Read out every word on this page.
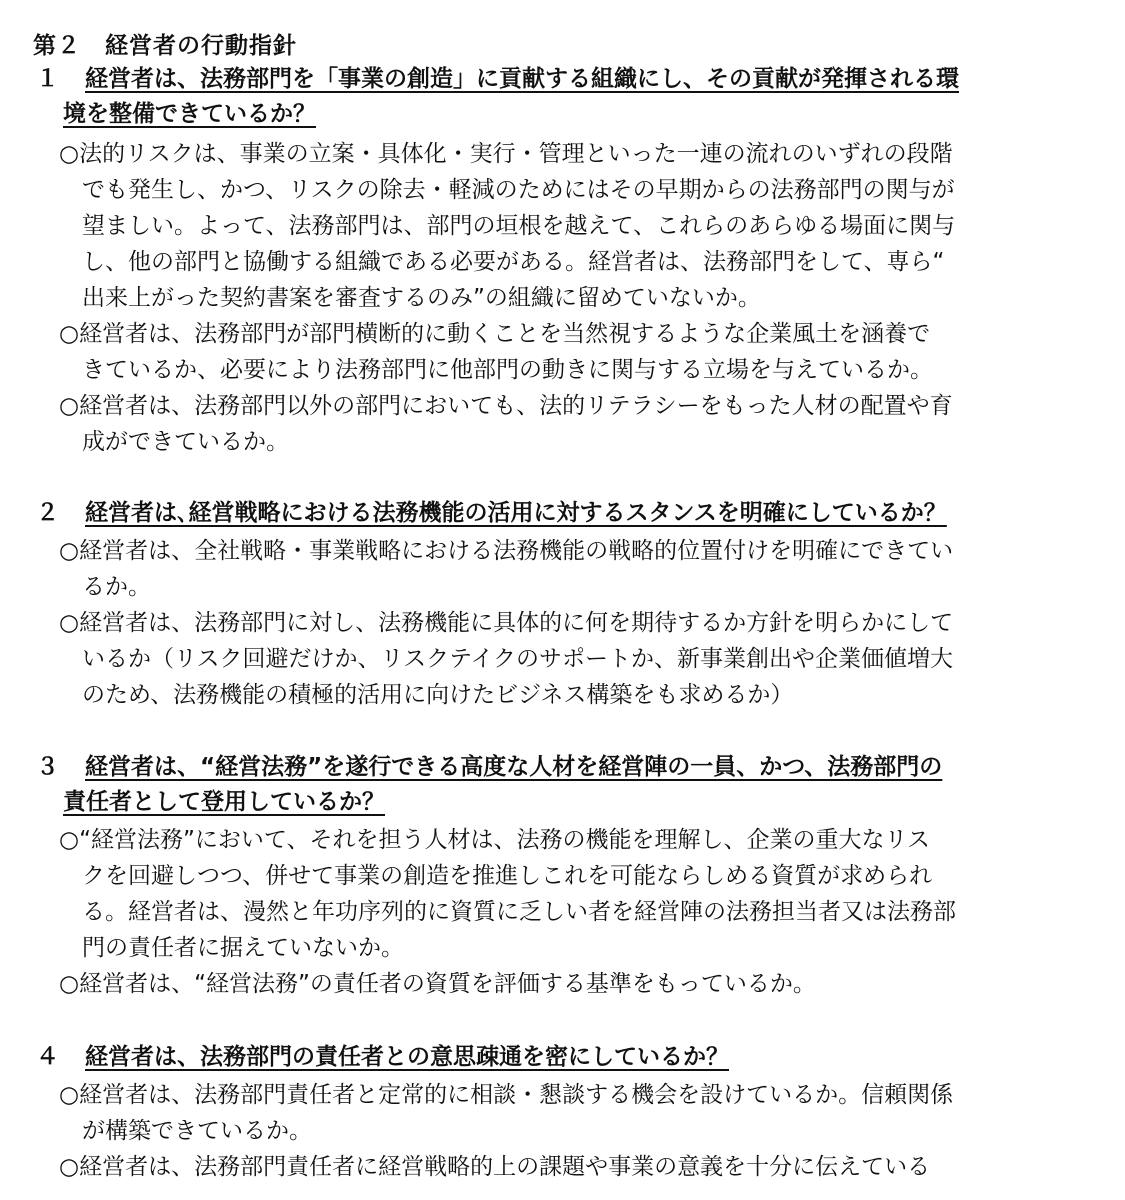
第２　経営者の行動指針
１ 経営者は、法務部門を「事業の創造」に貢献する組織にし、その貢献が発揮される環
境を整備できているか？
○法的リスクは、事業の立案・具体化・実行・管理といった一連の流れのいずれの段階
でも発生し、かつ、リスクの除去・軽減のためにはその早期からの法務部門の関与が
望ましい。よって、法務部門は、部門の垣根を越えて、これらのあらゆる場面に関与
し、他の部門と協働する組織である必要がある。経営者は、法務部門をして、専ら“
出来上がった契約書案を審査するのみ”の組織に留めていないか。
○経営者は、法務部門が部門横断的に動くことを当然視するような企業風土を涵養で
きているか、必要により法務部門に他部門の動きに関与する立場を与えているか。
○経営者は、法務部門以外の部門においても、法的リテラシーをもった人材の配置や育
成ができているか。
２ 経営者は､経営戦略における法務機能の活用に対するスタンスを明確にしているか？
○経営者は、全社戦略・事業戦略における法務機能の戦略的位置付けを明確にできてい
るか。
○経営者は、法務部門に対し、法務機能に具体的に何を期待するか方針を明らかにして
いるか（リスク回避だけか、リスクテイクのサポートか、新事業創出や企業価値増大
のため、法務機能の積極的活用に向けたビジネス構築をも求めるか）
３ 経営者は、“経営法務”を遂行できる高度な人材を経営陣の一員、かつ、法務部門の
責任者として登用しているか？
○“経営法務”において、それを担う人材は、法務の機能を理解し、企業の重大なリス
クを回避しつつ、併せて事業の創造を推進しこれを可能ならしめる資質が求められ
る。経営者は、漫然と年功序列的に資質に乏しい者を経営陣の法務担当者又は法務部
門の責任者に据えていないか。
○経営者は、“経営法務”の責任者の資質を評価する基準をもっているか。
４ 経営者は、法務部門の責任者との意思疎通を密にしているか？
○経営者は、法務部門責任者と定常的に相談・懇談する機会を設けているか。信頼関係
が構築できているか。
○経営者は、法務部門責任者に経営戦略的上の課題や事業の意義を十分に伝えている
